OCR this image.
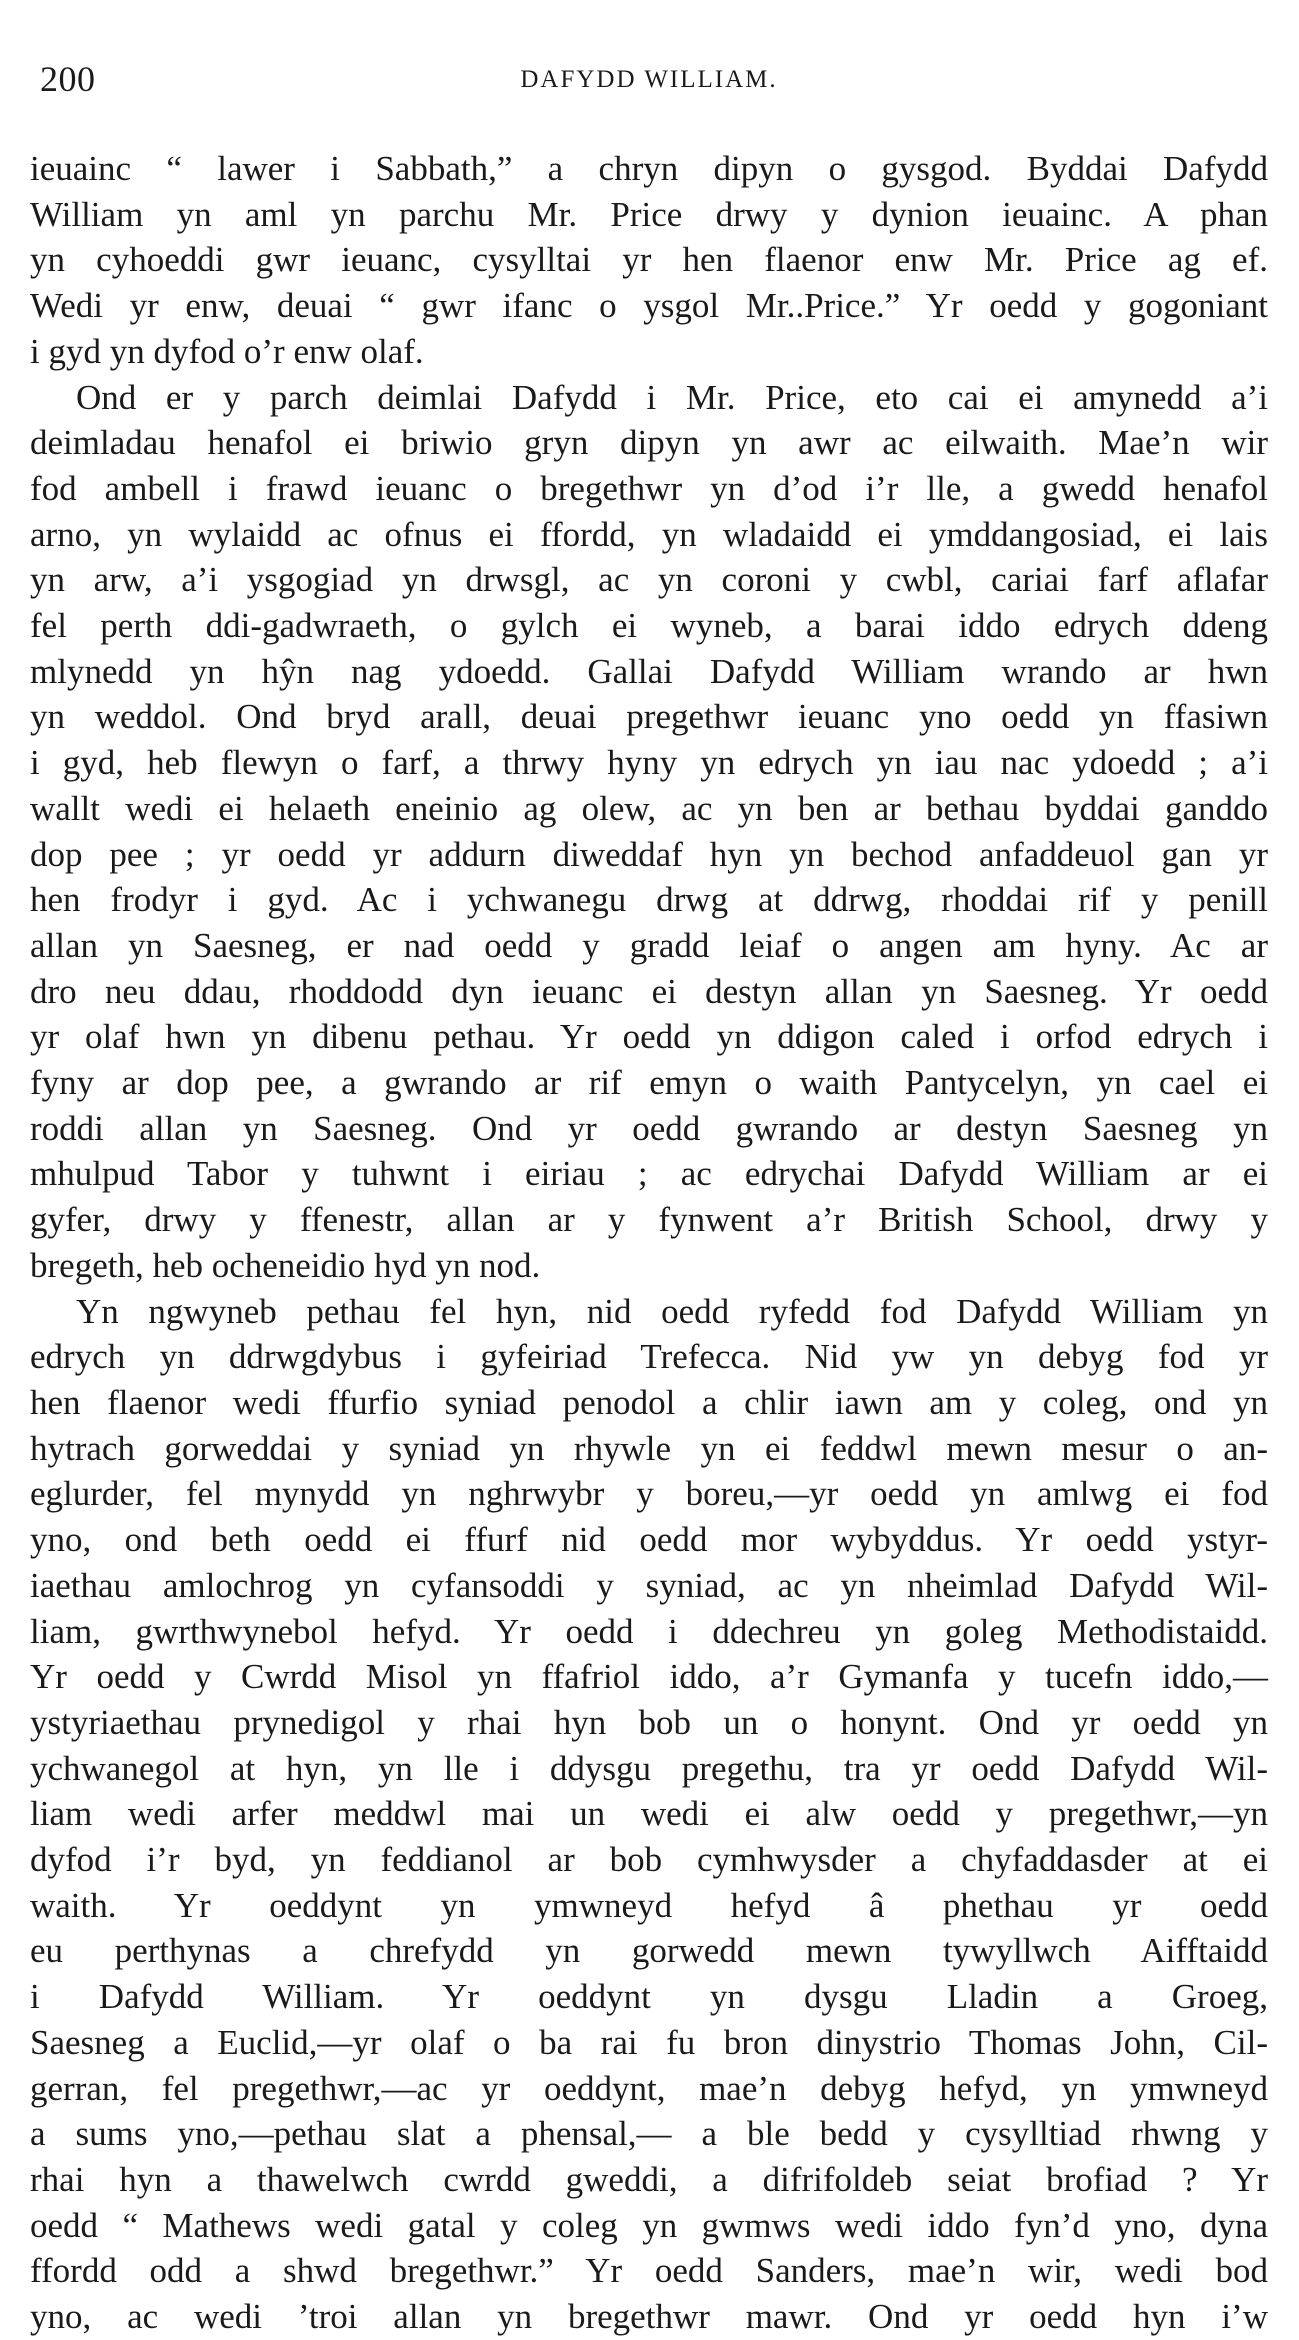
200	DAFYDD WILLIAM.
ieuainc “ lawer i Sabbath,” a chryn dipyn o gysgod. Byddai Dafydd
William yn aml yn parchu Mr. Price drwy y dynion ieuainc. A phan
yn cyhoeddi gwr ieuanc, cysylltai yr hen flaenor enw Mr. Price ag ef.
Wedi yr enw, deuai “ gwr ifanc o ysgol Mr..Price.” Yr oedd y gogoniant
i gyd yn dyfod o’r enw olaf.
Ond er y parch deimlai Dafydd i Mr. Price, eto cai ei amynedd a’i
deimladau henafol ei briwio gryn dipyn yn awr ac eilwaith. Mae’n wir
fod ambell i frawd ieuanc o bregethwr yn d’od i’r lle, a gwedd henafol
arno, yn wylaidd ac ofnus ei ffordd, yn wladaidd ei ymddangosiad, ei lais
yn arw, a’i ysgogiad yn drwsgl, ac yn coroni y cwbl, cariai farf aflafar
fel perth ddi-gadwraeth, o gylch ei wyneb, a barai iddo edrych ddeng
mlynedd yn hŷn nag ydoedd. Gallai Dafydd William wrando ar hwn
yn weddol. Ond bryd arall, deuai pregethwr ieuanc yno oedd yn ffasiwn
i gyd, heb flewyn o farf, a thrwy hyny yn edrych yn iau nac ydoedd ; a’i
wallt wedi ei helaeth eneinio ag olew, ac yn ben ar bethau byddai ganddo
dop pee ; yr oedd yr addurn diweddaf hyn yn bechod anfaddeuol gan yr
hen frodyr i gyd. Ac i ychwanegu drwg at ddrwg, rhoddai rif y penill
allan yn Saesneg, er nad oedd y gradd leiaf o angen am hyny. Ac ar
dro neu ddau, rhoddodd dyn ieuanc ei destyn allan yn Saesneg. Yr oedd
yr olaf hwn yn dibenu pethau. Yr oedd yn ddigon caled i orfod edrych i
fyny ar dop pee, a gwrando ar rif emyn o waith Pantycelyn, yn cael ei
roddi allan yn Saesneg. Ond yr oedd gwrando ar destyn Saesneg yn
mhulpud Tabor y tuhwnt i eiriau ; ac edrychai Dafydd William ar ei
gyfer, drwy y ffenestr, allan ar y fynwent a’r British School, drwy y
bregeth, heb ocheneidio hyd yn nod.
Yn ngwyneb pethau fel hyn, nid oedd ryfedd fod Dafydd William yn
edrych yn ddrwgdybus i gyfeiriad Trefecca. Nid yw yn debyg fod yr
hen flaenor wedi ffurfio syniad penodol a chlir iawn am y coleg, ond yn
hytrach gorweddai y syniad yn rhywle yn ei feddwl mewn mesur o an-
eglurder, fel mynydd yn nghrwybr y boreu,—yr oedd yn amlwg ei fod
yno, ond beth oedd ei ffurf nid oedd mor wybyddus. Yr oedd ystyr-
iaethau amlochrog yn cyfansoddi y syniad, ac yn nheimlad Dafydd Wil-
liam, gwrthwynebol hefyd. Yr oedd i ddechreu yn goleg Methodistaidd.
Yr oedd y Cwrdd Misol yn ffafriol iddo, a’r Gymanfa y tucefn iddo,—
ystyriaethau prynedigol y rhai hyn bob un o honynt. Ond yr oedd yn
ychwanegol at hyn, yn lle i ddysgu pregethu, tra yr oedd Dafydd Wil-
liam wedi arfer meddwl mai un wedi ei alw oedd y pregethwr,—yn
dyfod i’r byd, yn feddianol ar bob cymhwysder a chyfaddasder at ei
waith. Yr oeddynt yn ymwneyd hefyd â phethau yr oedd
eu perthynas a chrefydd yn gorwedd mewn tywyllwch Aifftaidd
i Dafydd William. Yr oeddynt yn dysgu Lladin a Groeg,
Saesneg a Euclid,—yr olaf o ba rai fu bron dinystrio Thomas John, Cil-
gerran, fel pregethwr,—ac yr oeddynt, mae’n debyg hefyd, yn ymwneyd
a sums yno,—pethau slat a phensal,— a ble bedd y cysylltiad rhwng y
rhai hyn a thawelwch cwrdd gweddi, a difrifoldeb seiat brofiad ? Yr
oedd “ Mathews wedi gatal y coleg yn gwmws wedi iddo fyn’d yno, dyna
ffordd odd a shwd bregethwr.” Yr oedd Sanders, mae’n wir, wedi bod
yno, ac wedi ’troi allan yn bregethwr mawr. Ond yr oedd hyn i’w
